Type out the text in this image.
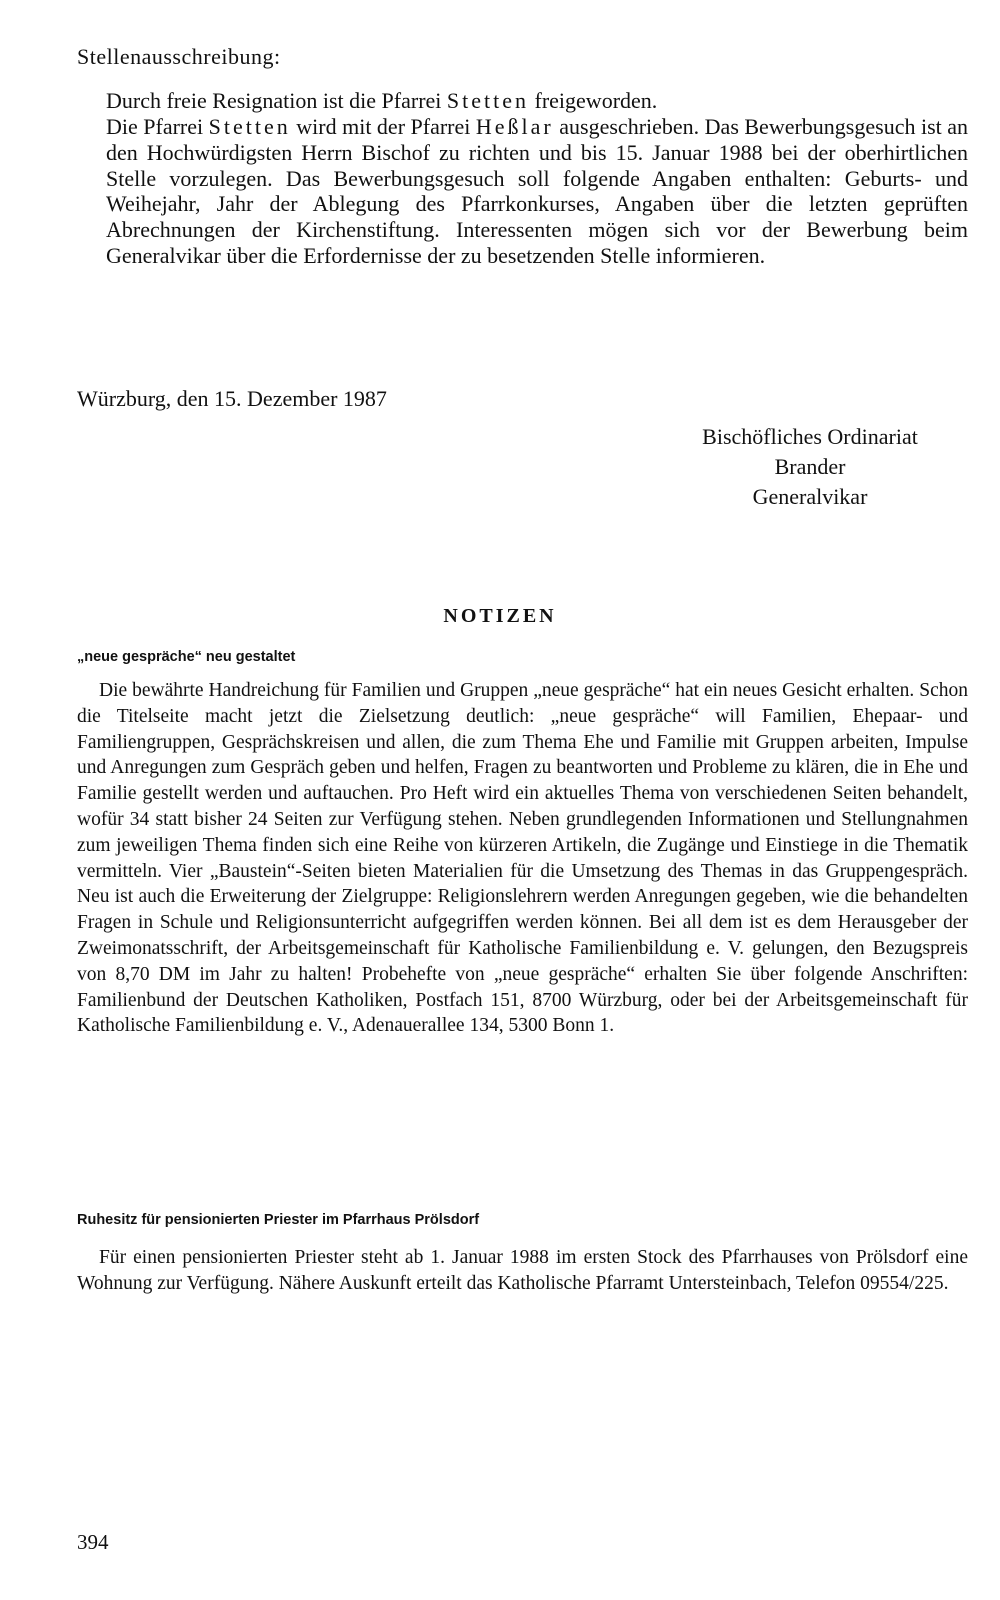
Stellenausschreibung:

Durch freie Resignation ist die Pfarrei Stetten freigeworden.

Die Pfarrei Stetten wird mit der Pfarrei Heßlar ausgeschrieben. Das Bewerbungsgesuch ist an den Hochwürdigsten Herrn Bischof zu richten und bis 15. Januar 1988 bei der oberhirtlichen Stelle vorzulegen. Das Bewerbungsgesuch soll folgende Angaben enthalten: Geburts- und Weihejahr, Jahr der Ablegung des Pfarrkonkurses, Angaben über die letzten geprüften Abrechnungen der Kirchenstiftung. Interessenten mögen sich vor der Bewerbung beim Generalvikar über die Erfordernisse der zu besetzenden Stelle informieren.

Würzburg, den 15. Dezember 1987
Bischöfliches Ordinariat
Brander
Generalvikar
NOTIZEN
„neue gespräche“ neu gestaltet

Die bewährte Handreichung für Familien und Gruppen „neue gespräche“ hat ein neues Gesicht erhalten. Schon die Titelseite macht jetzt die Zielsetzung deutlich: „neue gespräche“ will Familien, Ehepaar- und Familiengruppen, Gesprächskreisen und allen, die zum Thema Ehe und Familie mit Gruppen arbeiten, Impulse und Anregungen zum Gespräch geben und helfen, Fragen zu beantworten und Probleme zu klären, die in Ehe und Familie gestellt werden und auftauchen. Pro Heft wird ein aktuelles Thema von verschiedenen Seiten behandelt, wofür 34 statt bisher 24 Seiten zur Verfügung stehen. Neben grundlegenden Informationen und Stellungnahmen zum jeweiligen Thema finden sich eine Reihe von kürzeren Artikeln, die Zugänge und Einstiege in die Thematik vermitteln. Vier „Baustein“-Seiten bieten Materialien für die Umsetzung des Themas in das Gruppengespräch. Neu ist auch die Erweiterung der Zielgruppe: Religionslehrern werden Anregungen gegeben, wie die behandelten Fragen in Schule und Religionsunterricht aufgegriffen werden können. Bei all dem ist es dem Herausgeber der Zweimonatsschrift, der Arbeitsgemeinschaft für Katholische Familienbildung e. V. gelungen, den Bezugspreis von 8,70 DM im Jahr zu halten! Probehefte von „neue gespräche“ erhalten Sie über folgende Anschriften: Familienbund der Deutschen Katholiken, Postfach 151, 8700 Würzburg, oder bei der Arbeitsgemeinschaft für Katholische Familienbildung e. V., Adenauerallee 134, 5300 Bonn 1.

Ruhesitz für pensionierten Priester im Pfarrhaus Prölsdorf

Für einen pensionierten Priester steht ab 1. Januar 1988 im ersten Stock des Pfarrhauses von Prölsdorf eine Wohnung zur Verfügung. Nähere Auskunft erteilt das Katholische Pfarramt Untersteinbach, Telefon 09554/225.

394
